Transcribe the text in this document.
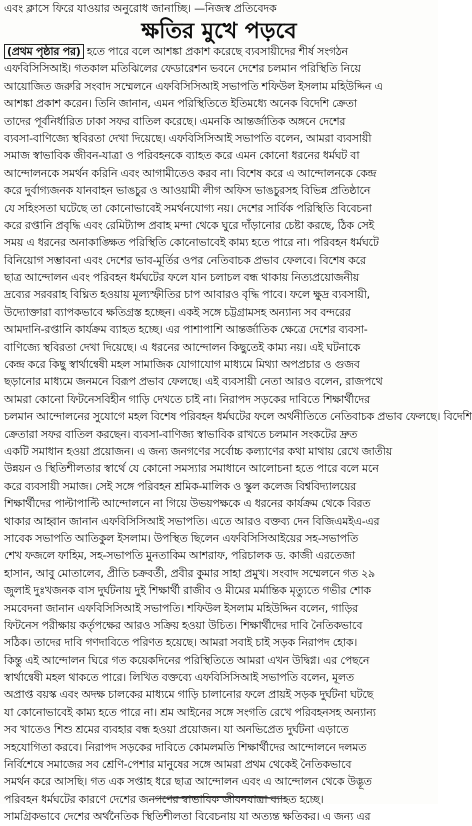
এবং ক্লাসে ফিরে যাওয়ার অনুরোধ জানাচ্ছি। —নিজস্ব প্রতিবেদক
ক্ষতির মুখে পড়বে
(প্রথম পৃষ্ঠার পর) হতে পারে বলে আশঙ্কা প্রকাশ করেছে ব্যবসায়ীদের শীর্ষ সংগঠন
এফবিসিসিআই। গতকাল মতিঝিলের ফেডারেশন ভবনে দেশের চলমান পরিস্থিতি নিয়ে
আয়োজিত জরুরি সংবাদ সম্মেলনে এফবিসিসিআই সভাপতি শফিউল ইসলাম মহিউদ্দিন এ
আশঙ্কা প্রকাশ করেন। তিনি জানান, এমন পরিস্থিতিতে ইতিমধ্যে অনেক বিদেশি ক্রেতা
তাদের পূর্বনির্ধারিত ঢাকা সফর বাতিল করেছে। এমনকি আন্তর্জাতিক অঙ্গনে দেশের
ব্যবসা-বাণিজ্যে স্থবিরতা দেখা দিয়েছে। এফবিসিসিআই সভাপতি বলেন, আমরা ব্যবসায়ী
সমাজ স্বাভাবিক জীবন-যাত্রা ও পরিবহনকে ব্যাহত করে এমন কোনো ধরনের ধর্মঘট বা
আন্দোলনকে সমর্থন করিনি এবং আগামীতেও করব না। বিশেষ করে এ আন্দোলনকে কেন্দ্র
করে দুর্বাগ্যজনক যানবাহন ভাঙচুর ও আওয়ামী লীগ অফিস ভাঙচুরসহ বিভিন্ন প্রতিষ্ঠানে
যে সহিংসতা ঘটেছে তা কোনোভাবেই সমর্থনযোগ্য নয়। দেশের সার্বিক পরিস্থিতি বিবেচনা
করে রপ্তানি প্রবৃদ্ধি এবং রেমিট্যান্স প্রবাহ মন্দা থেকে ঘুরে দাঁড়ানোর চেষ্টা করছে, ঠিক সেই
সময় এ ধরনের অনাকাঙ্ক্ষিত পরিস্থিতি কোনোভাবেই কাম্য হতে পারে না। পরিবহন ধর্মঘটে
বিনিয়োগ সম্ভাবনা এবং দেশের ভাব-মূর্তির ওপর নেতিবাচক প্রভাব ফেলবে। বিশেষ করে
ছাত্র আন্দোলন এবং পরিবহন ধর্মঘটের ফলে যান চলাচল বন্ধ থাকায় নিত্যপ্রয়োজনীয়
দ্রব্যের সরবরাহ বিঘ্নিত হওয়ায় মূল্যস্ফীতির চাপ আবারও বৃদ্ধি পাবে। ফলে ক্ষুদ্র ব্যবসায়ী,
উদ্যোক্তারা ব্যাপকভাবে ক্ষতিগ্রস্ত হচ্ছেন। একই সঙ্গে চট্টগ্রামসহ অন্যান্য সব বন্দরের
আমদানি-রপ্তানি কার্যক্রম ব্যাহত হচ্ছে। এর পাশাপাশি আন্তর্জাতিক ক্ষেত্রে দেশের ব্যবসা-
বাণিজ্যে স্থবিরতা দেখা দিয়েছে। এ ধরনের আন্দোলন কিছুতেই কাম্য নয়। এই ঘটনাকে
কেন্দ্র করে কিছু স্বার্থান্বেষী মহল সামাজিক যোগাযোগ মাধ্যমে মিথ্যা অপপ্রচার ও গুজব
ছড়ানোর মাধ্যমে জনমনে বিরূপ প্রভাব ফেলছে। এই ব্যবসায়ী নেতা আরও বলেন, রাজপথে
আমরা কোনো ফিটনেসবিহীন গাড়ি দেখতে চাই না। নিরাপদ সড়কের দাবিতে শিক্ষার্থীদের
চলমান আন্দোলনের সুযোগে মহল বিশেষ পরিবহন ধর্মঘটের ফলে অর্থনীতিতে নেতিবাচক প্রভাব ফেলছে। বিদেশি
ক্রেতারা সফর বাতিল করছেন। ব্যবসা-বাণিজ্য স্বাভাবিক রাখতে চলমান সংকটের দ্রুত
একটি সমাধান হওয়া প্রয়োজন। এ জন্য জনগণের সর্বোচ্চ কল্যাণের কথা মাথায় রেখে জাতীয়
উন্নয়ন ও স্থিতিশীলতার স্বার্থে যে কোনো সমস্যার সমাধানে আলোচনা হতে পারে বলে মনে
করে ব্যবসায়ী সমাজ। সেই সঙ্গে পরিবহন শ্রমিক-মালিক ও স্কুল কলেজ বিশ্ববিদ্যালয়ের
শিক্ষার্থীদের পাল্টাপাল্টি আন্দোলনে না গিয়ে উভয়পক্ষকে এ ধরনের কার্যক্রম থেকে বিরত
থাকার আহ্বান জানান এফবিসিসিআই সভাপতি। এতে আরও বক্তব্য দেন বিজিএমইএ-এর
সাবেক সভাপতি আতিকুল ইসলাম। উপস্থিত ছিলেন এফবিসিসিআইয়ের সহ-সভাপতি
শেখ ফজলে ফাহিম, সহ-সভাপতি মুনতাকিম আশরাফ, পরিচালক ড. কাজী এরতেজা
হাসান, আবু মোতালেব, প্রীতি চক্রবর্তী, প্রবীর কুমার সাহা প্রমুখ। সংবাদ সম্মেলনে গত ২৯
জুলাই দুঃখজনক বাস দুর্ঘটনায় দুই শিক্ষার্থী রাজীব ও মীমের মর্মান্তিক মৃত্যুতে গভীর শোক
সমবেদনা জানান এফবিসিসিআই সভাপতি। শফিউল ইসলাম মহিউদ্দিন বলেন, গাড়ির
ফিটনেস পরীক্ষায় কর্তৃপক্ষের আরও সক্রিয় হওয়া উচিত। শিক্ষার্থীদের দাবি নৈতিকভাবে
সঠিক। তাদের দাবি গণদাবিতে পরিণত হয়েছে। আমরা সবাই চাই সড়ক নিরাপদ হোক।
কিন্তু এই আন্দোলন ঘিরে গত কয়েকদিনের পরিস্থিতিতে আমরা এখন উদ্বিগ্ন। এর পেছনে
স্বার্থান্বেষী মহল থাকতে পারে। লিখিত বক্তব্যে এফবিসিসিআই সভাপতি বলেন, মূলত
অপ্রাপ্ত বয়স্ক এবং অদক্ষ চালকের মাধ্যমে গাড়ি চালানোর ফলে প্রায়ই সড়ক দুর্ঘটনা ঘটছে
যা কোনোভাবেই কাম্য হতে পারে না। শ্রম আইনের সঙ্গে সংগতি রেখে পরিবহনসহ অন্যান্য
সব খাতেও শিশু শ্রমের ব্যবহার বন্ধ হওয়া প্রয়োজন। যা অনভিপ্রেত দুর্ঘটনা এড়াতে
সহযোগিতা করবে। নিরাপদ সড়কের দাবিতে কোমলমতি শিক্ষার্থীদের আন্দোলনে দলমত
নির্বিশেষে সমাজের সব শ্রেণি-পেশার মানুষের সঙ্গে আমরা প্রথম থেকেই নৈতিকভাবে
সমর্থন করে আসছি। গত এক সপ্তাহ ধরে ছাত্র আন্দোলন এবং এ আন্দোলন থেকে উদ্ভূত
পরিবহন ধর্মঘটের কারণে দেশের জনগণের স্বাভাবিক জীবনযাত্রা ব্যাহত হচ্ছে।
সামগ্রিকভাবে দেশের অর্থনৈতিক স্থিতিশীলতা বিবেচনায় যা অত্যন্ত ক্ষতিকর। এ জন্য এর
